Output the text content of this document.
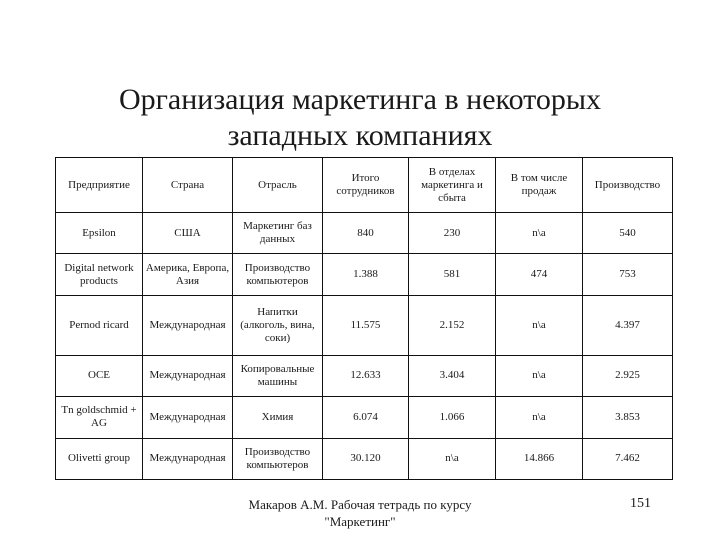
Организация маркетинга в некоторых западных компаниях
Предприятие	Страна	Отрасль	Итого сотрудников	В отделах маркетинга и сбыта	В том числе продаж	Производство
Epsilon	США	Маркетинг баз данных	840	230	n\a	540
Digital network products	Америка, Европа, Азия	Производство компьютеров	1.388	581	474	753
Pernod ricard	Международная	Напитки (алкоголь, вина, соки)	11.575	2.152	n\a	4.397
OCE	Международная	Копировальные машины	12.633	3.404	n\a	2.925
Tn goldschmid + AG	Международная	Химия	6.074	1.066	n\a	3.853
Olivetti group	Международная	Производство компьютеров	30.120	n\a	14.866	7.462
Макаров А.М. Рабочая тетрадь по курсу "Маркетинг"
151
